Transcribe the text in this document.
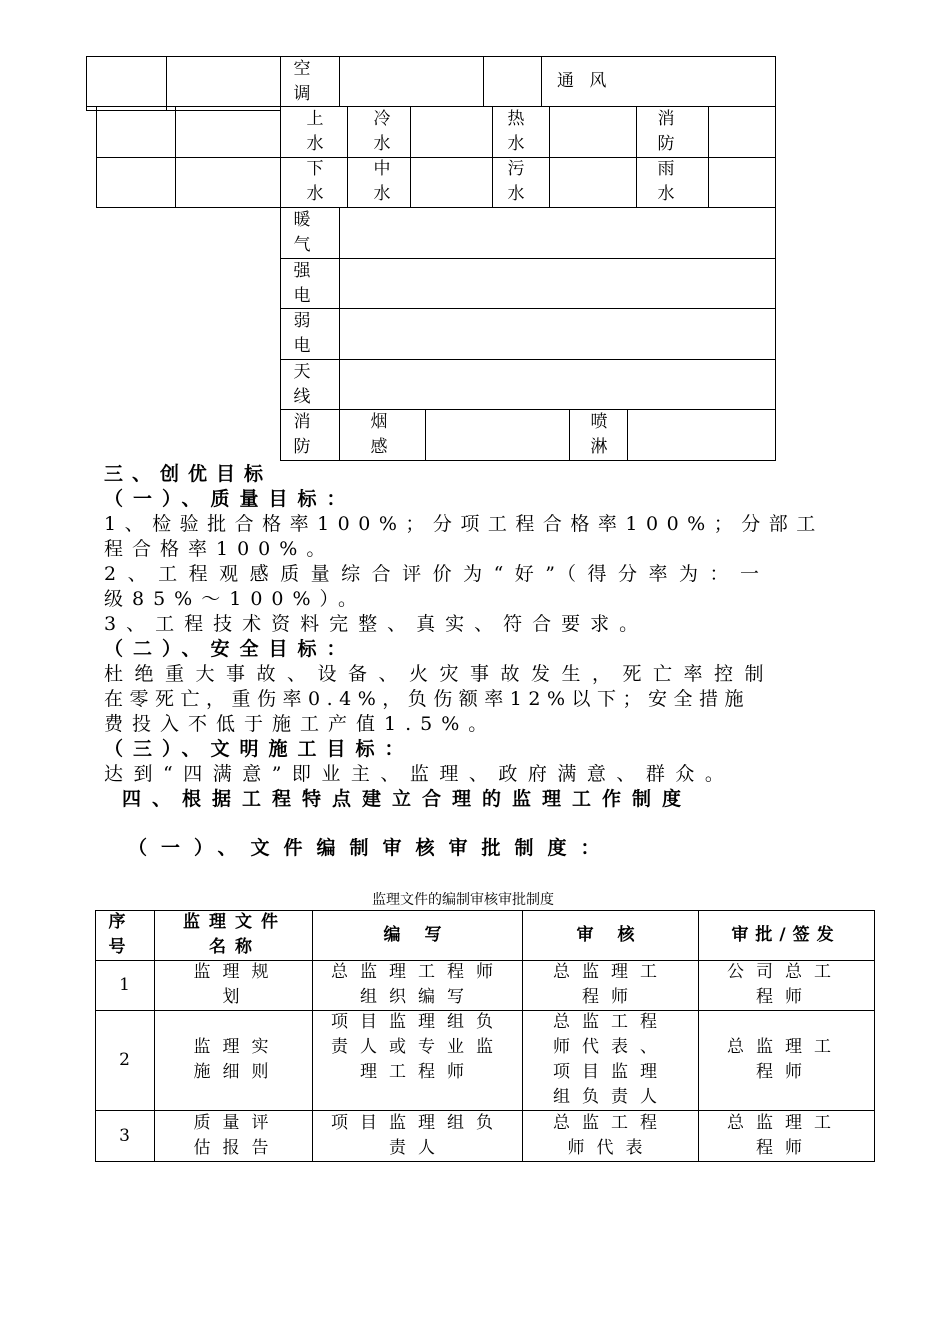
空调
通 风
上水
冷水
热水
消防
下水
中水
污水
雨水
暖气
强电
弱电
天线
消防
烟感
喷淋
三、创优目标
（一）、质量目标：
1、检验批合格率100%；分项工程合格率100%；分部工
程合格率100%。
2、工程观感质量综合评价为“好”（得分率为：一
级85%～100%）。
3、工程技术资料完整、真实、符合要求。
（二）、安全目标：
杜绝重大事故、设备、火灾事故发生，死亡率控制
在零死亡，重伤率0.4%，负伤额率12%以下；安全措施
费投入不低于施工产值1.5%。
（三）、文明施工目标：
达到“四满意”即业主、监理、政府满意、群众。
四、根据工程特点建立合理的监理工作制度
（一）、文件编制审核审批制度：
监理文件的编制审核审批制度
序号
监理文件名称
编 写	审 核	审批/签发
1
监理规划
总监理工程师组织编写
总监理工程师
公司总工程师
2
监理实施细则
项目监理组负责人或专业监理工程师
总监工程师代表、项目监理组负责人
总监理工程师
3
质量评估报告
项目监理组负责人
总监工程师代表
总监理工程师
